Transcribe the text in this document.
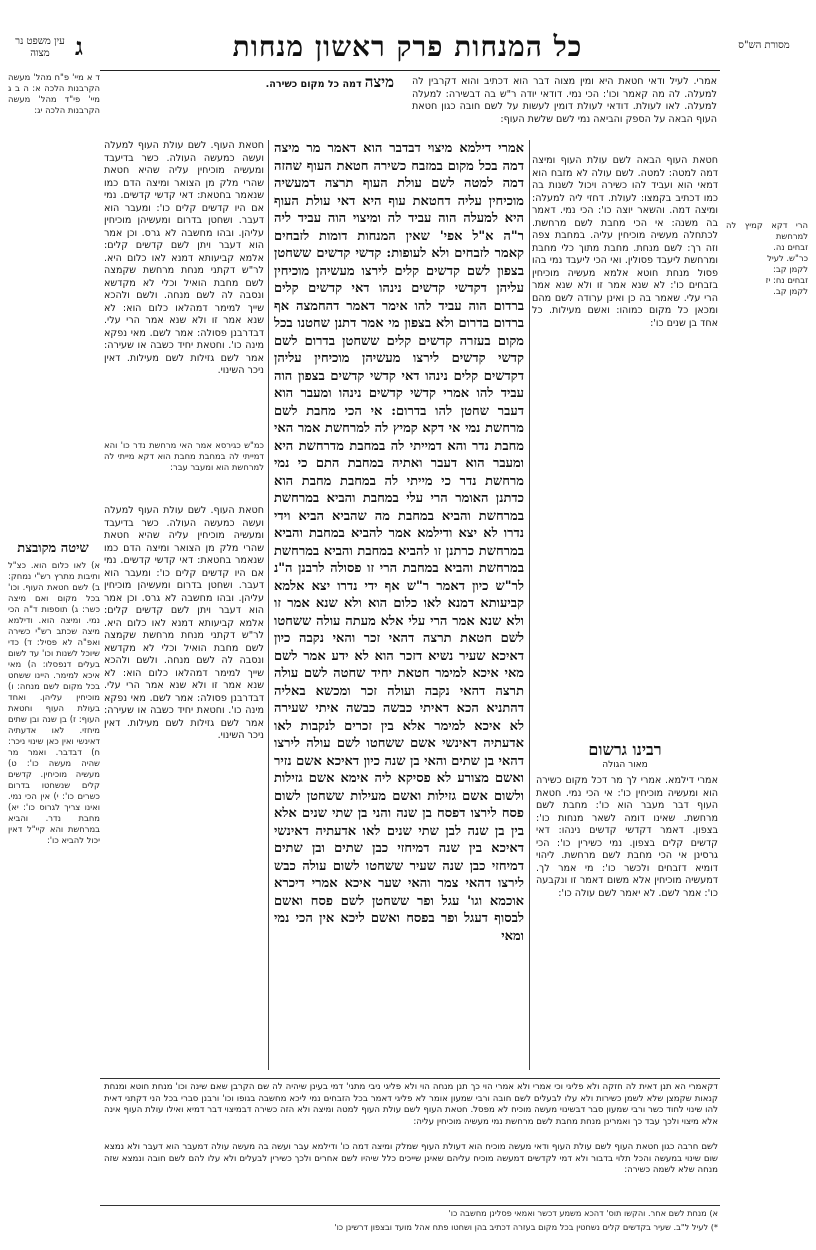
עין משפט נר מצוה	ג	כל המנחות פרק ראשון מנחות	מסורת הש"ס
ד א מיי' פ"ח מהל' מעשה הקרבנות הלכה א: ה ב ג מיי' פי"ד מהל' מעשה הקרבנות הלכה יג:
הרי דקא קמיץ לה למרחשת
זבחים נה.
כר"ש. לעיל
לקמן קב:
זבחים נח: יז
לקמן קב.
אמרי. לעיל ודאי חטאת היא ומין מצוה דבר הוא דכתיב והוא דקרבין לה למעלה. לה מה קאמר וכו': הכי נמי. דודאי יודה ר"ש בה דבשירה: למעלה למעלה. לאו לעולת. דודאי לעולת דומין לעשות על לשם חובה כגון חטאת העוף הבאה על הספק והביאה נמי לשם שלשת העוף:
מיצה דמה כל מקום כשירה.
אמרי דילמא מיצוי דבדבר הוא דאמר מר מיצה דמה בכל מקום במזבח כשירה חטאת העוף שהזה דמה למטה לשם עולת העוף תרצה דמעשיה מוכיחין עליה דחטאת עוף היא דאי עולת העוף היא למעלה הוה עביד לה ומיצוי הוה עביד ליה ר"ה א"ל אפי' שאין המנחות דומות לזבחים קאמר לזבחים ולא לעופות: קדשי קדשים ששחטן בצפון לשם קדשים קלים לירצו מעשיהן מוכיחין עליהן דקדשי קדשים נינהו דאי קדשים קלים ברדום הוה עביד להו אימר דאמר דהחמצה אף ברדום בדרום ולא בצפון מי אמר דתנן שחטנו בכל מקום בעזרה קדשים קלים ששחטן בדרום לשם קדשי קדשים לירצו מעשיהן מוכיחין עליהן דקדשים קלים נינהו דאי קדשי קדשים בצפון הוה עביד להו אמרי קדשי קדשים נינהו ומעבר הוא דעבר שחטן להו בדרום: אי הכי מחבת לשם מרחשת נמי אי דקא קמיץ לה למרחשת אמר האי מחבת נדר והא דמייתי לה במחבת מדרחשת היא ומעבר הוא דעבר ואתיה במחבת התם כי נמי מרחשת נדר כי מייתי לה במחבת מחבת הוא כדתנן האומר הרי עלי במחבת והביא במרחשת במרחשת והביא במחבת מה שהביא הביא וידי נדרו לא יצא ודילמא אמר להביא במחבת והביא במרחשת כרתנן זו להביא במחבת והביא במרחשת במרחשת והביא במחבת הרי זו פסולה לרבנן ה"נ לר"ש כיון דאמר ר"ש אף ידי נדרו יצא אלמא קביעותא דמנא לאו כלום הוא ולא שנא אמר זו ולא שנא אמר הרי עלי אלא מעתה עולה ששחטו לשם חטאת תרצה דהאי זכר והאי נקבה כיון דאיכא שעיר נשיא דזכר הוא לא ידע אמר לשם מאי איכא למימר חטאת יחיד שחטה לשם עולה תרצה דהאי נקבה ועולה זכר ומכשא באליה דהתניא הכא דאיתי כבשה כבשה איתי שעירה לא איכא למימר אלא בין זכרים לנקבות לאו אדעתיה דאינשי אשם ששחטו לשם עולה לירצו דהאי בן שתים והאי בן שנה כיון דאיכא אשם נזיר ואשם מצורע לא פסיקא ליה אימא אשם גזילות ולשום אשם גזילות ואשם מעילות ששחטן לשום פסח לירצו דפסח בן שנה והני בן שתי שנים אלא בין בן שנה לבן שתי שנים לאו אדעתיה דאינשי דאיכא בין שנה דמיחזי כבן שתים ובן שתים דמיחזי כבן שנה שעיר ששחטו לשום עולה כבש לירצו דהאי צמר והאי שער איכא אמרי דיכרא אוכמא וגו' עגל ופר ששחטן לשם פסח ואשם לבסוף דעגל ופר בפסח ואשם ליכא אין הכי נמי ומאי
חטאת העוף הבאה לשם עולת העוף ומיצה דמה למטה: למטה. לשם עולה לא מזבח הוא דמאי הוא ועביד להו כשירה ויכול לשנות בה כמו דכתיב בקמצו: לעולת. דחזי ליה למעלה: ומיצה דמה. והשאר יוצה כו': הכי נמי. דאמר בה משנה: אי הכי מחבת לשם מרחשת. לכתחלה מעשיה מוכיחין עליה. במחבת צפה וזה רך: לשם מנחת. מחבת מתוך כלי מחבת ומרחשת ליעבד פסולין. ואי הכי ליעבד נמי בהו פסול מנחת חוטא אלמא מעשיה מוכיחין בזבחים כו': לא שנא אמר זו ולא שנא אמר הרי עלי. שאמר בה כן ואינן ערודה לשם מהם ומכאן כל מקום כמוהו: ואשם מעילות. כל אחד בן שנים כו':
רבינו גרשום
מאור הגולה
אמרי דילמא. אמרי לך מר דכל מקום כשירה הוא ומעשיה מוכיחין כו': אי הכי נמי. חטאת העוף דבר מעבר הוא כו': מחבת לשם מרחשת. שאינו דומה לשאר מנחות כו': בצפון. דאמר דקדשי קדשים נינהו: דאי קדשים קלים בצפון. נמי כשירין כו': הכי גרסינן אי הכי מחבת לשם מרחשת. ליהוי דומיא דזבחים ולכשר כו': מי אמר לך. דמעשיה מוכיחין אלא משום דאמר זו ונקבעה כו': אמר לשם. לא יאמר לשם עולה כו':
חטאת העוף. לשם עולת העוף למעלה ועשה כמעשה העולה. כשר בדיעבד ומעשיה מוכיחין עליה שהיא חטאת שהרי מלק מן הצואר ומיצה הדם כמו שנאמר בחטאת: דאי קדשי קדשים. נמי אם היו קדשים קלים כו': ומעבר הוא דעבר. ושחטן בדרום ומעשיהן מוכיחין עליהן. ובהו מחשבה לא גרס. וכן אמר הוא דעבר ויתן לשם קדשים קלים: אלמא קביעותא דמנא לאו כלום היא. לר"ש דקתני מנחת מרחשת שקמצה לשם מחבת הואיל וכלי לא מקדשא ונסבה לה לשם מנחה. ולשם ולהכא שייך למימר דמהלאו כלום הוא: לא שנא אמר זו ולא שנא אמר הרי עלי. דבדרבנן פסולה: אמר לשם. מאי נפקא מינה כו'. וחטאת יחיד כשבה או שעירה: אמר לשם גזילות לשם מעילות. דאין ניכר השינוי.
כמ"ש כגירסא אמר האי מרחשת נדר כו' והא דמייתי לה במחבת מחבת הוא דקא מייתי לה למרחשת הוא ומעבר עבר:
שיטה מקובצת
א) לאו כלום הוא. כצ"ל ותיבות מתרץ רש"י נמחק: ב) לשם חטאת העוף. וכו' בכל מקום ואם מיצה כשר: ג) תוספות ד"ה הכי נמי. ומיצה הוא. ודילמא מיצה שכתב רש"י כשירה ואפ"ה לא פסיל: ד) כדי שיוכל לשנות וכו' עד לשום בעלים דנפסלו: ה) מאי איכא למימר. היינו ששחט בכל מקום לשם מנחה: ו) מוכיחין עליהן. ואחד בעולת העוף וחטאת העוף: ז) בן שנה ובן שתים מיחזי. לאו אדעתיה דאינשי ואין כאן שינוי ניכר: ח) דבדבר. ואמר מר שהיה מעשה כו': ט) מעשיה מוכיחין. קדשים קלים שנשחטו בדרום כשרים כו': י) אין הכי נמי. ואינו צריך לגרוס כו': יא) מחבת נדר. והביא במרחשת והא קיי"ל דאין יכול להביא כו':
חטאת העוף. לשם עולת העוף למעלה ועשה כמעשה העולה. כשר בדיעבד ומעשיה מוכיחין עליה שהיא חטאת שהרי מלק מן הצואר ומיצה הדם כמו שנאמר בחטאת: דאי קדשי קדשים. נמי אם היו קדשים קלים כו': ומעבר הוא דעבר. ושחטן בדרום ומעשיהן מוכיחין עליהן. ובהו מחשבה לא גרס. וכן אמר הוא דעבר ויתן לשם קדשים קלים: אלמא קביעותא דמנא לאו כלום היא. לר"ש דקתני מנחת מרחשת שקמצה לשם מחבת הואיל וכלי לא מקדשא ונסבה לה לשם מנחה. ולשם ולהכא שייך למימר דמהלאו כלום הוא: לא שנא אמר זו ולא שנא אמר הרי עלי. דבדרבנן פסולה: אמר לשם. מאי נפקא מינה כו'. וחטאת יחיד כשבה או שעירה: אמר לשם גזילות לשם מעילות. דאין ניכר השינוי.
דקאמרי הא תנן דאית לה חזקה ולא פליגי וכי אמרי ולא אמרי הוי כך תנן מנחה הוי ולא פליגי ניבי מתני' דמי בעינן שיהיה לה שם הקרבן שאם שינה וכו' מנחת חוטא ומנחת קנאות שקמצן שלא לשמן כשירות ולא עלו לבעלים לשם חובה ורבי שמעון אומר לא פליגי דאמר בכל הזבחים נמי ליכא מחשבה בגופו וכו' ורבנן סברי בכל הני דקתני דאית להו שינוי לחוד כשר ורבי שמעון סבר דבשינוי מעשה מוכיח לא מפסל. חטאת העוף לשם עולת העוף למטה ומיצה ולא הזה כשירה דבמיצוי דבר דמיא ואילו עולת העוף אינה אלא מיצוי ולכך עבד כך ואמרינן מנחת מחבת לשם מרחשת נמי מעשיה מוכיחין עליה:
לשם חרבה כגון חטאת העוף לשם עולת העוף ודאי מעשה מוכיח הוא דעולת העוף שמלק ומיצה דמה כו' ודילמא עבר ועשה בה מעשה עולה דמעבר הוא דעבר ולא נמצא שום שינוי במעשה והכל תלוי בדבור ולא דמי לקדשים דמעשה מוכיח עליהם שאינן שייכים כלל שיהיו לשם אחרים ולכך כשירין לבעלים ולא עלו להם לשם חובה ונמצא שזה מנחה שלא לשמה כשירה:
א) מנחת לשם אחר. והקשו תוס' דהכא משמע דכשר ואמאי פסלינן מחשבה כו'
*) לעיל ל"ב. שעיר בקדשים קלים נשחטין בכל מקום בעזרה דכתיב בהן ושחטו פתח אהל מועד ובצפון דרשינן כו'
